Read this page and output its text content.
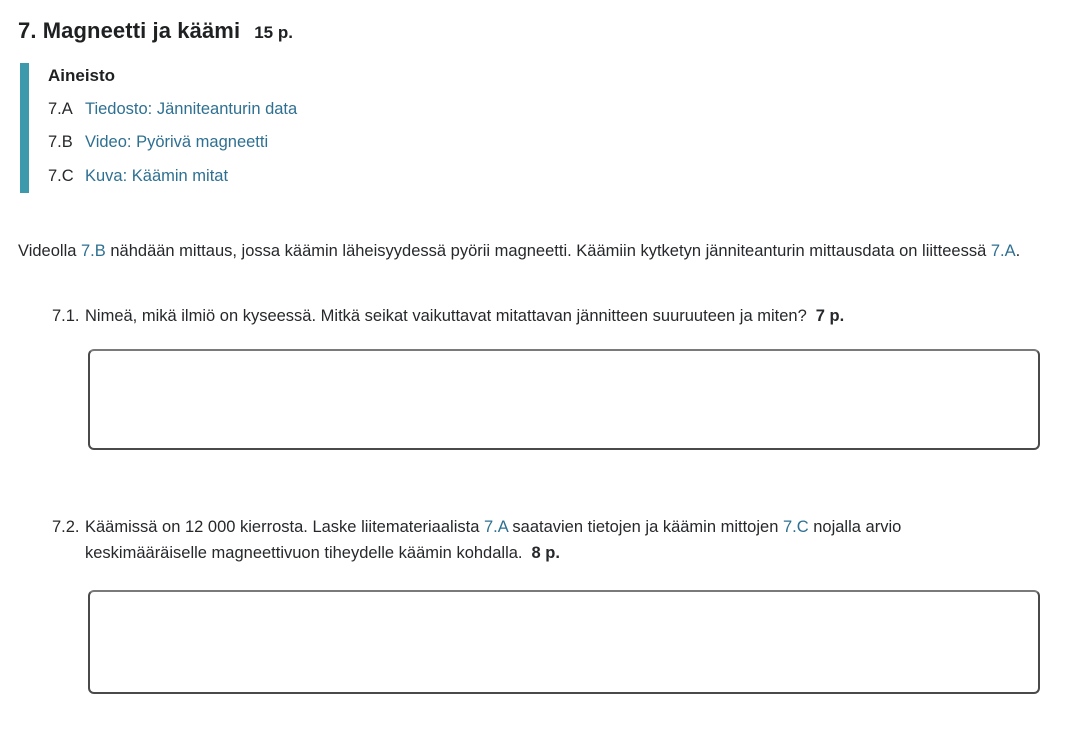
7. Magneetti ja käämi 15 p.
Aineisto
7.A Tiedosto: Jänniteanturin data
7.B Video: Pyörivä magneetti
7.C Kuva: Käämin mitat

Videolla 7.B nähdään mittaus, jossa käämin läheisyydessä pyörii magneetti. Käämiin kytketyn jänniteanturin mittausdata on liitteessä 7.A.

7.1. Nimeä, mikä ilmiö on kyseessä. Mitkä seikat vaikuttavat mitattavan jännitteen suuruuteen ja miten? 7 p.
7.2. Käämissä on 12 000 kierrosta. Laske liitemateriaalista 7.A saatavien tietojen ja käämin mittojen 7.C nojalla arvio keskimääräiselle magneettivuon tiheydelle käämin kohdalla. 8 p.
